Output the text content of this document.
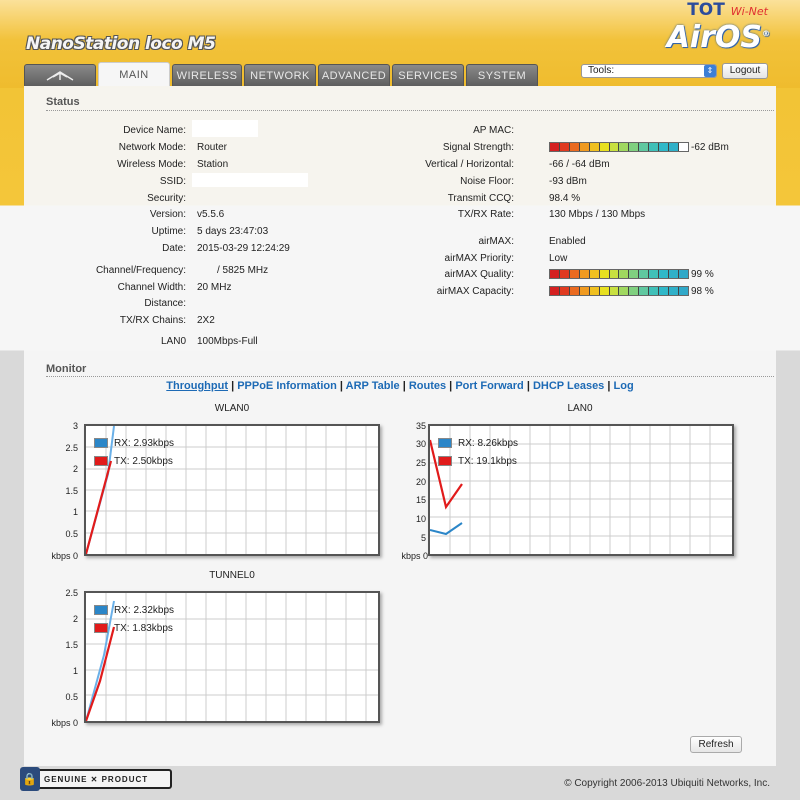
NanoStation loco M5
TOT Wi-Net
AirOS®
MAIN	WIRELESS	NETWORK	ADVANCED	SERVICES	SYSTEM	Tools:	⇕	Logout
Status
Device Name:
Network Mode: Router
Wireless Mode: Station
SSID:
Security:
Version: v5.5.6
Uptime: 5 days 23:47:03
Date: 2015-03-29 12:24:29
Channel/Frequency:	/ 5825 MHz
Channel Width: 20 MHz
Distance:
TX/RX Chains: 2X2
LAN0 100Mbps-Full
AP MAC:
Signal Strength:	-62 dBm
Vertical / Horizontal:	-66 / -64 dBm
Noise Floor:	-93 dBm
Transmit CCQ:	98.4 %
TX/RX Rate:	130 Mbps / 130 Mbps
airMAX:	Enabled
airMAX Priority:	Low
airMAX Quality:	99 %
airMAX Capacity:	98 %
Monitor
Throughput | PPPoE Information | ARP Table | Routes | Port Forward | DHCP Leases | Log
WLAN0
3
2.5
2
1.5
1
0.5
kbps 0
RX: 2.93kbps
TX: 2.50kbps
LAN0
35
30
25
20
15
10
5
kbps 0
RX: 8.26kbps
TX: 19.1kbps
TUNNEL0
2.5
2
1.5
1
0.5
kbps 0
RX: 2.32kbps
TX: 1.83kbps
Refresh
🔒 GENUINE ✕ PRODUCT	© Copyright 2006-2013 Ubiquiti Networks, Inc.
